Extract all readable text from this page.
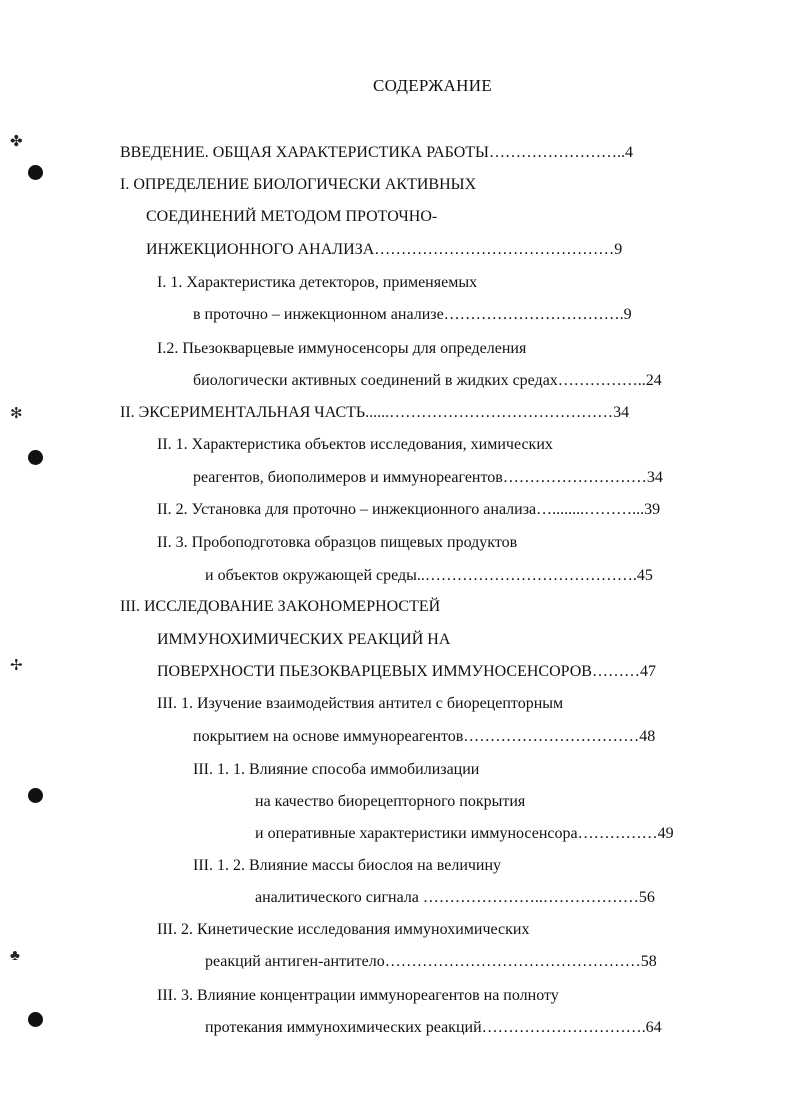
СОДЕРЖАНИЕ
ВВЕДЕНИЕ. ОБЩАЯ ХАРАКТЕРИСТИКА РАБОТЫ……………………..4
I. ОПРЕДЕЛЕНИЕ БИОЛОГИЧЕСКИ АКТИВНЫХ
СОЕДИНЕНИЙ МЕТОДОМ ПРОТОЧНО-
ИНЖЕКЦИОННОГО АНАЛИЗА………………………………………9
I. 1. Характеристика детекторов, применяемых
в проточно – инжекционном анализе…………………………….9
I.2. Пьезокварцевые иммуносенсоры для определения
биологически активных соединений в жидких средах……………..24
II. ЭКСЕРИМЕНТАЛЬНАЯ ЧАСТЬ......……………………………………34
II. 1. Характеристика объектов исследования, химических
реагентов, биополимеров и иммунореагентов………………………34
II. 2. Установка для проточно – инжекционного анализа…........………...39
II. 3. Пробоподготовка образцов пищевых продуктов
и объектов окружающей среды..………………………………….45
III. ИССЛЕДОВАНИЕ ЗАКОНОМЕРНОСТЕЙ
ИММУНОХИМИЧЕСКИХ РЕАКЦИЙ НА
ПОВЕРХНОСТИ ПЬЕЗОКВАРЦЕВЫХ ИММУНОСЕНСОРОВ………47
III. 1. Изучение взаимодействия антител с биорецепторным
покрытием на основе иммунореагентов……………………………48
III. 1. 1. Влияние способа иммобилизации
на качество биорецепторного покрытия
и оперативные характеристики иммуносенсора……………49
III. 1. 2. Влияние массы биослоя на величину
аналитического сигнала …………………..………………56
III. 2. Кинетические исследования иммунохимических
реакций антиген-антитело…………………………………………58
III. 3. Влияние концентрации иммунореагентов на полноту
протекания иммунохимических реакций………………………….64
✤
✻
✢
♣
